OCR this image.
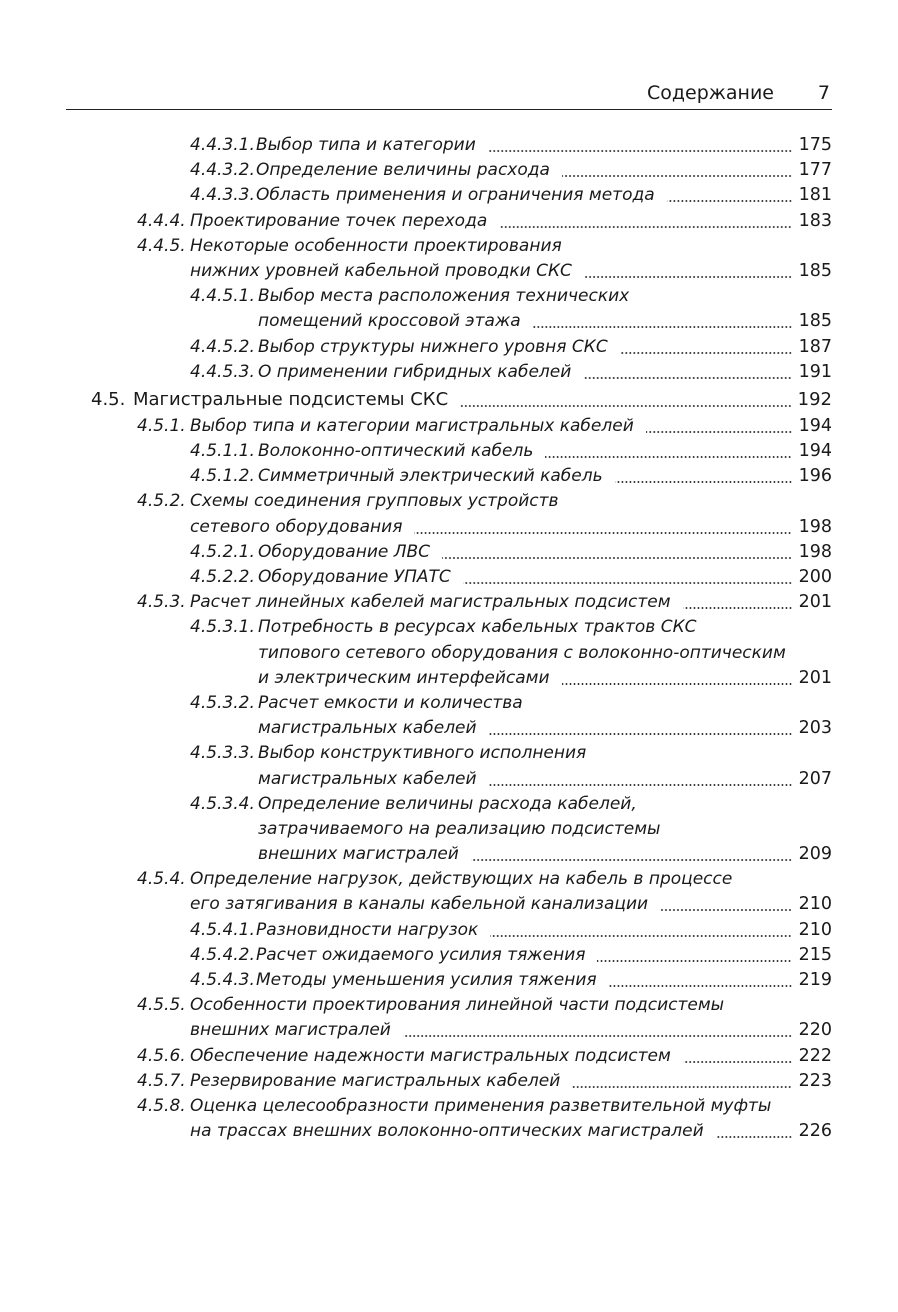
Содержание 7
4.4.3.1. Выбор типа и категории	175
4.4.3.2. Определение величины расхода	177
4.4.3.3. Область применения и ограничения метода	181
4.4.4. Проектирование точек перехода	183
4.4.5. Некоторые особенности проектирования
нижних уровней кабельной проводки СКС	185
4.4.5.1. Выбор места расположения технических
помещений кроссовой этажа	185
4.4.5.2. Выбор структуры нижнего уровня СКС	187
4.4.5.3. О применении гибридных кабелей	191
4.5. Магистральные подсистемы СКС	192
4.5.1. Выбор типа и категории магистральных кабелей	194
4.5.1.1. Волоконно-оптический кабель	194
4.5.1.2. Симметричный электрический кабель	196
4.5.2. Схемы соединения групповых устройств
сетевого оборудования	198
4.5.2.1. Оборудование ЛВС	198
4.5.2.2. Оборудование УПАТС	200
4.5.3. Расчет линейных кабелей магистральных подсистем	201
4.5.3.1. Потребность в ресурсах кабельных трактов СКС
типового сетевого оборудования с волоконно-оптическим
и электрическим интерфейсами	201
4.5.3.2. Расчет емкости и количества
магистральных кабелей	203
4.5.3.3. Выбор конструктивного исполнения
магистральных кабелей	207
4.5.3.4. Определение величины расхода кабелей,
затрачиваемого на реализацию подсистемы
внешних магистралей	209
4.5.4. Определение нагрузок, действующих на кабель в процессе
его затягивания в каналы кабельной канализации	210
4.5.4.1. Разновидности нагрузок	210
4.5.4.2. Расчет ожидаемого усилия тяжения	215
4.5.4.3. Методы уменьшения усилия тяжения	219
4.5.5. Особенности проектирования линейной части подсистемы
внешних магистралей	220
4.5.6. Обеспечение надежности магистральных подсистем	222
4.5.7. Резервирование магистральных кабелей	223
4.5.8. Оценка целесообразности применения разветвительной муфты
на трассах внешних волоконно-оптических магистралей	226
